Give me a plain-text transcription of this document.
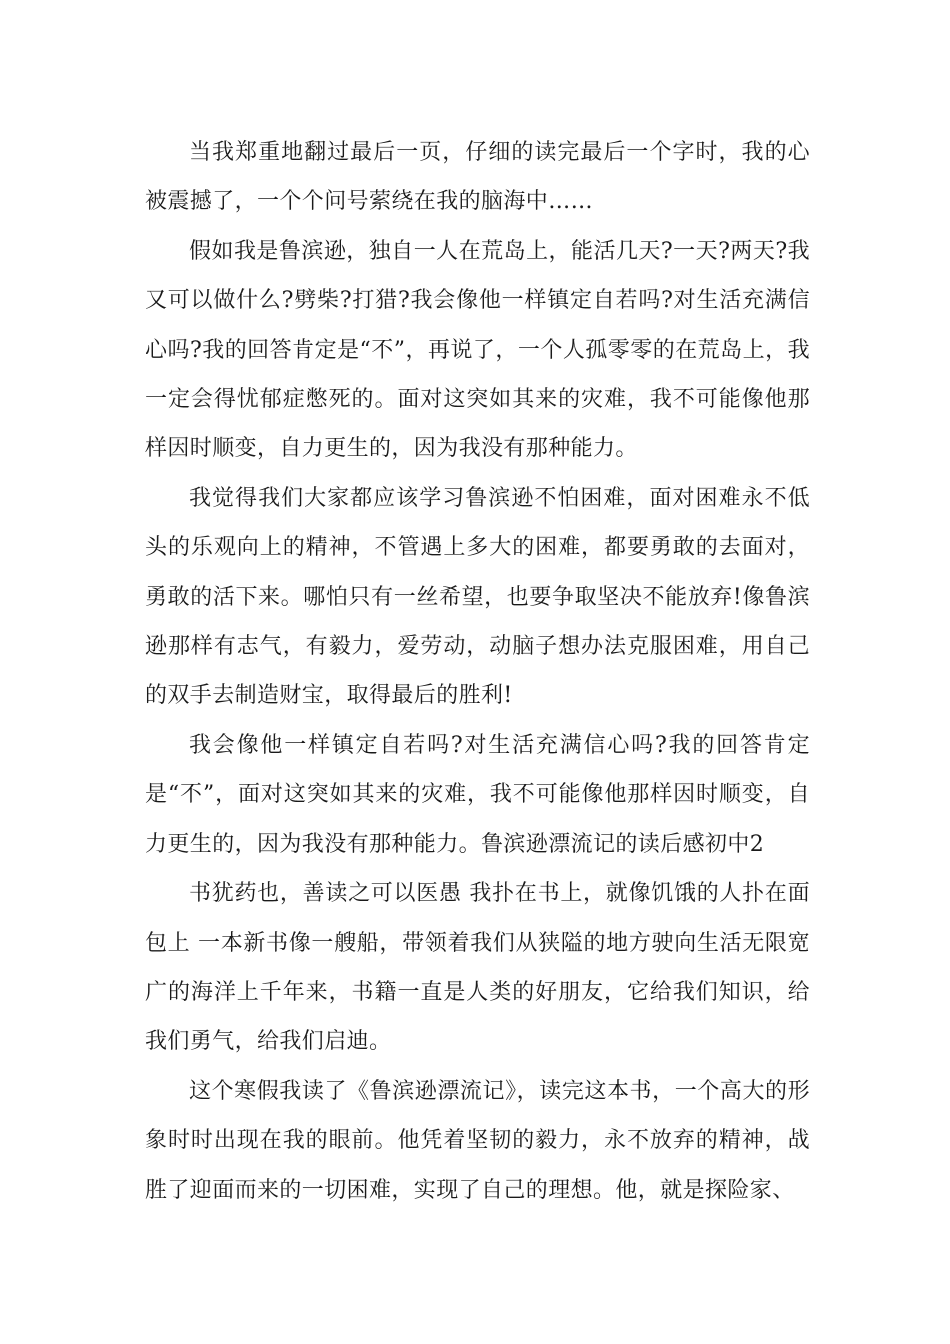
当我郑重地翻过最后一页，仔细的读完最后一个字时，我的心被震撼了，一个个问号萦绕在我的脑海中……

假如我是鲁滨逊，独自一人在荒岛上，能活几天?一天?两天?我又可以做什么?劈柴?打猎?我会像他一样镇定自若吗?对生活充满信心吗?我的回答肯定是“不”，再说了，一个人孤零零的在荒岛上，我一定会得忧郁症憋死的。面对这突如其来的灾难，我不可能像他那样因时顺变，自力更生的，因为我没有那种能力。

我觉得我们大家都应该学习鲁滨逊不怕困难，面对困难永不低头的乐观向上的精神，不管遇上多大的困难，都要勇敢的去面对，勇敢的活下来。哪怕只有一丝希望，也要争取坚决不能放弃!像鲁滨逊那样有志气，有毅力，爱劳动，动脑子想办法克服困难，用自己的双手去制造财宝，取得最后的胜利!

我会像他一样镇定自若吗?对生活充满信心吗?我的回答肯定是“不”，面对这突如其来的灾难，我不可能像他那样因时顺变，自力更生的，因为我没有那种能力。鲁滨逊漂流记的读后感初中2

书犹药也，善读之可以医愚 我扑在书上，就像饥饿的人扑在面包上 一本新书像一艘船，带领着我们从狭隘的地方驶向生活无限宽广的海洋上千年来，书籍一直是人类的好朋友，它给我们知识，给我们勇气，给我们启迪。

这个寒假我读了《鲁滨逊漂流记》，读完这本书，一个高大的形象时时出现在我的眼前。他凭着坚韧的毅力，永不放弃的精神，战胜了迎面而来的一切困难，实现了自己的理想。他，就是探险家、
